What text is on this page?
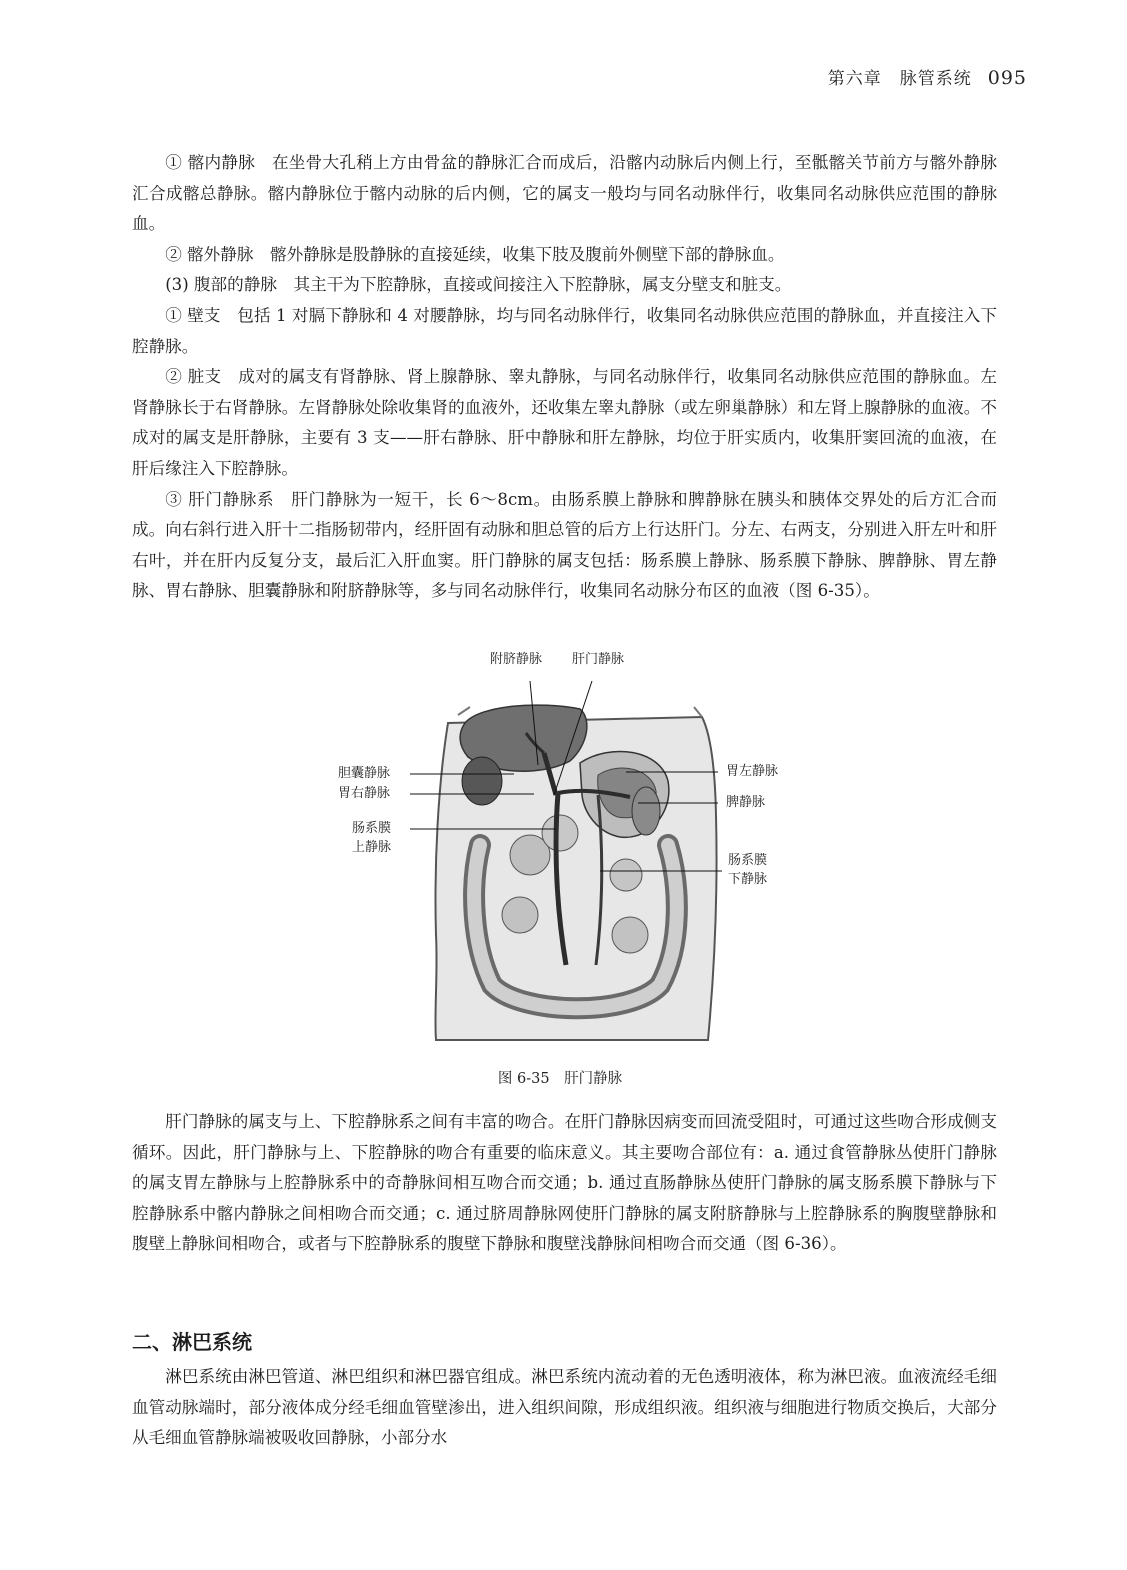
第六章　脉管系统 095

① 髂内静脉　在坐骨大孔稍上方由骨盆的静脉汇合而成后，沿髂内动脉后内侧上行，至骶髂关节前方与髂外静脉汇合成髂总静脉。髂内静脉位于髂内动脉的后内侧，它的属支一般均与同名动脉伴行，收集同名动脉供应范围的静脉血。

② 髂外静脉　髂外静脉是股静脉的直接延续，收集下肢及腹前外侧壁下部的静脉血。

(3) 腹部的静脉　其主干为下腔静脉，直接或间接注入下腔静脉，属支分壁支和脏支。

① 壁支　包括 1 对膈下静脉和 4 对腰静脉，均与同名动脉伴行，收集同名动脉供应范围的静脉血，并直接注入下腔静脉。

② 脏支　成对的属支有肾静脉、肾上腺静脉、睾丸静脉，与同名动脉伴行，收集同名动脉供应范围的静脉血。左肾静脉长于右肾静脉。左肾静脉处除收集肾的血液外，还收集左睾丸静脉（或左卵巢静脉）和左肾上腺静脉的血液。不成对的属支是肝静脉，主要有 3 支——肝右静脉、肝中静脉和肝左静脉，均位于肝实质内，收集肝窦回流的血液，在肝后缘注入下腔静脉。

③ 肝门静脉系　肝门静脉为一短干，长 6～8cm。由肠系膜上静脉和脾静脉在胰头和胰体交界处的后方汇合而成。向右斜行进入肝十二指肠韧带内，经肝固有动脉和胆总管的后方上行达肝门。分左、右两支，分别进入肝左叶和肝右叶，并在肝内反复分支，最后汇入肝血窦。肝门静脉的属支包括：肠系膜上静脉、肠系膜下静脉、脾静脉、胃左静脉、胃右静脉、胆囊静脉和附脐静脉等，多与同名动脉伴行，收集同名动脉分布区的血液（图 6-35）。

附脐静脉 肝门静脉
胆囊静脉
胃右静脉
肠系膜
上静脉
胃左静脉
脾静脉
肠系膜
下静脉
图 6-35　肝门静脉

肝门静脉的属支与上、下腔静脉系之间有丰富的吻合。在肝门静脉因病变而回流受阻时，可通过这些吻合形成侧支循环。因此，肝门静脉与上、下腔静脉的吻合有重要的临床意义。其主要吻合部位有：a. 通过食管静脉丛使肝门静脉的属支胃左静脉与上腔静脉系中的奇静脉间相互吻合而交通；b. 通过直肠静脉丛使肝门静脉的属支肠系膜下静脉与下腔静脉系中髂内静脉之间相吻合而交通；c. 通过脐周静脉网使肝门静脉的属支附脐静脉与上腔静脉系的胸腹壁静脉和腹壁上静脉间相吻合，或者与下腔静脉系的腹壁下静脉和腹壁浅静脉间相吻合而交通（图 6-36）。

二、淋巴系统

淋巴系统由淋巴管道、淋巴组织和淋巴器官组成。淋巴系统内流动着的无色透明液体，称为淋巴液。血液流经毛细血管动脉端时，部分液体成分经毛细血管壁渗出，进入组织间隙，形成组织液。组织液与细胞进行物质交换后，大部分从毛细血管静脉端被吸收回静脉，小部分水
